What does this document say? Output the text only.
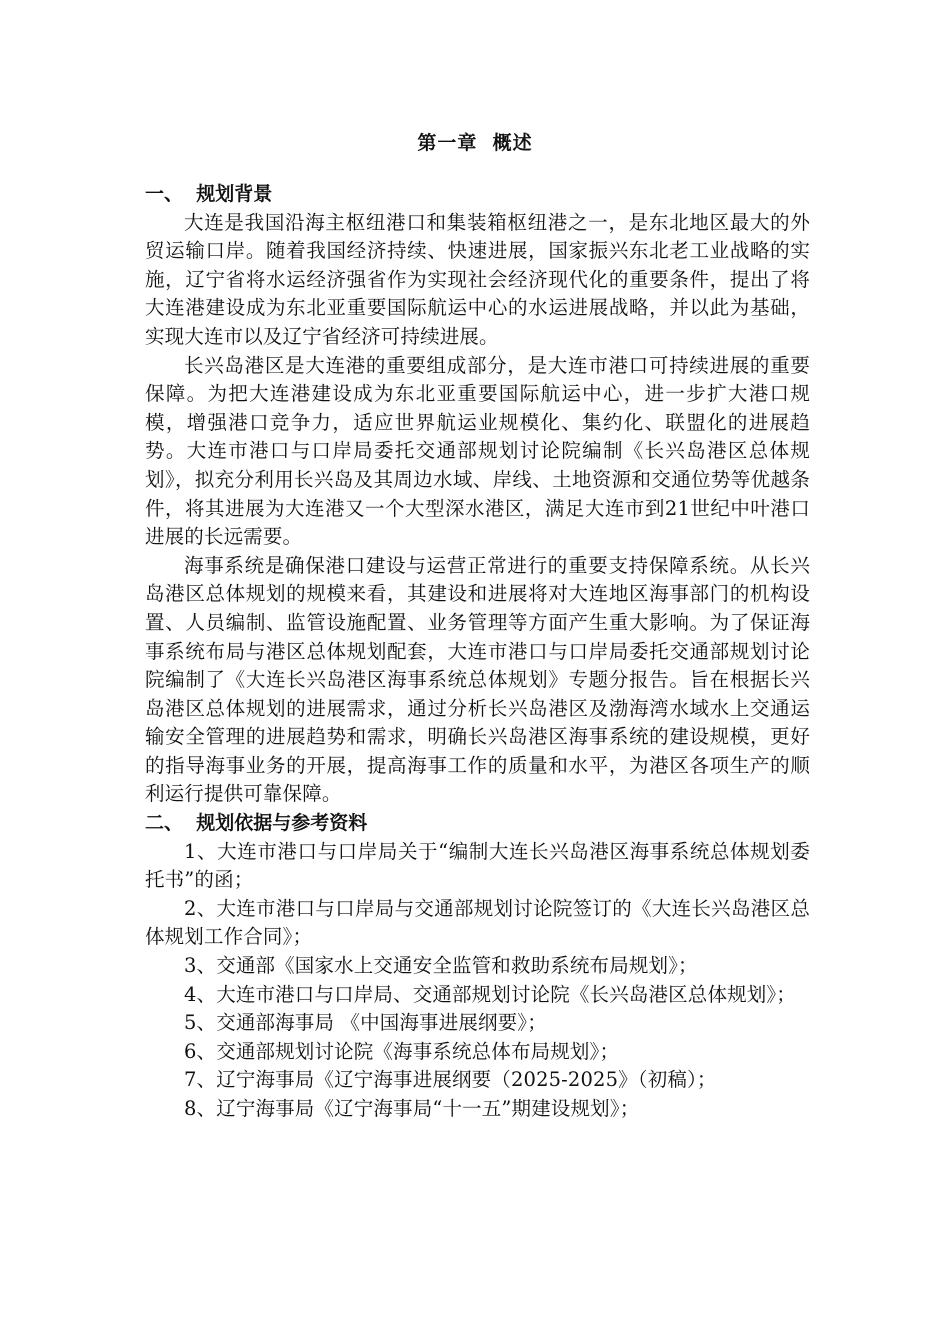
第一章  概述
一、  规划背景

大连是我国沿海主枢纽港口和集装箱枢纽港之一，是东北地区最大的外贸运输口岸。随着我国经济持续、快速进展，国家振兴东北老工业战略的实施，辽宁省将水运经济强省作为实现社会经济现代化的重要条件，提出了将大连港建设成为东北亚重要国际航运中心的水运进展战略，并以此为基础，实现大连市以及辽宁省经济可持续进展。

长兴岛港区是大连港的重要组成部分，是大连市港口可持续进展的重要保障。为把大连港建设成为东北亚重要国际航运中心，进一步扩大港口规模，增强港口竞争力，适应世界航运业规模化、集约化、联盟化的进展趋势。大连市港口与口岸局委托交通部规划讨论院编制《长兴岛港区总体规划》，拟充分利用长兴岛及其周边水域、岸线、土地资源和交通位势等优越条件，将其进展为大连港又一个大型深水港区，满足大连市到21世纪中叶港口进展的长远需要。

海事系统是确保港口建设与运营正常进行的重要支持保障系统。从长兴岛港区总体规划的规模来看，其建设和进展将对大连地区海事部门的机构设置、人员编制、监管设施配置、业务管理等方面产生重大影响。为了保证海事系统布局与港区总体规划配套，大连市港口与口岸局委托交通部规划讨论院编制了《大连长兴岛港区海事系统总体规划》专题分报告。旨在根据长兴岛港区总体规划的进展需求，通过分析长兴岛港区及渤海湾水域水上交通运输安全管理的进展趋势和需求，明确长兴岛港区海事系统的建设规模，更好的指导海事业务的开展，提高海事工作的质量和水平，为港区各项生产的顺利运行提供可靠保障。

二、  规划依据与参考资料

1、大连市港口与口岸局关于“编制大连长兴岛港区海事系统总体规划委托书”的函；

2、大连市港口与口岸局与交通部规划讨论院签订的《大连长兴岛港区总体规划工作合同》；

3、交通部《国家水上交通安全监管和救助系统布局规划》；

4、大连市港口与口岸局、交通部规划讨论院《长兴岛港区总体规划》；

5、交通部海事局 《中国海事进展纲要》；

6、交通部规划讨论院《海事系统总体布局规划》；

7、辽宁海事局《辽宁海事进展纲要（2025-2025》（初稿）；

8、辽宁海事局《辽宁海事局“十一五”期建设规划》；
